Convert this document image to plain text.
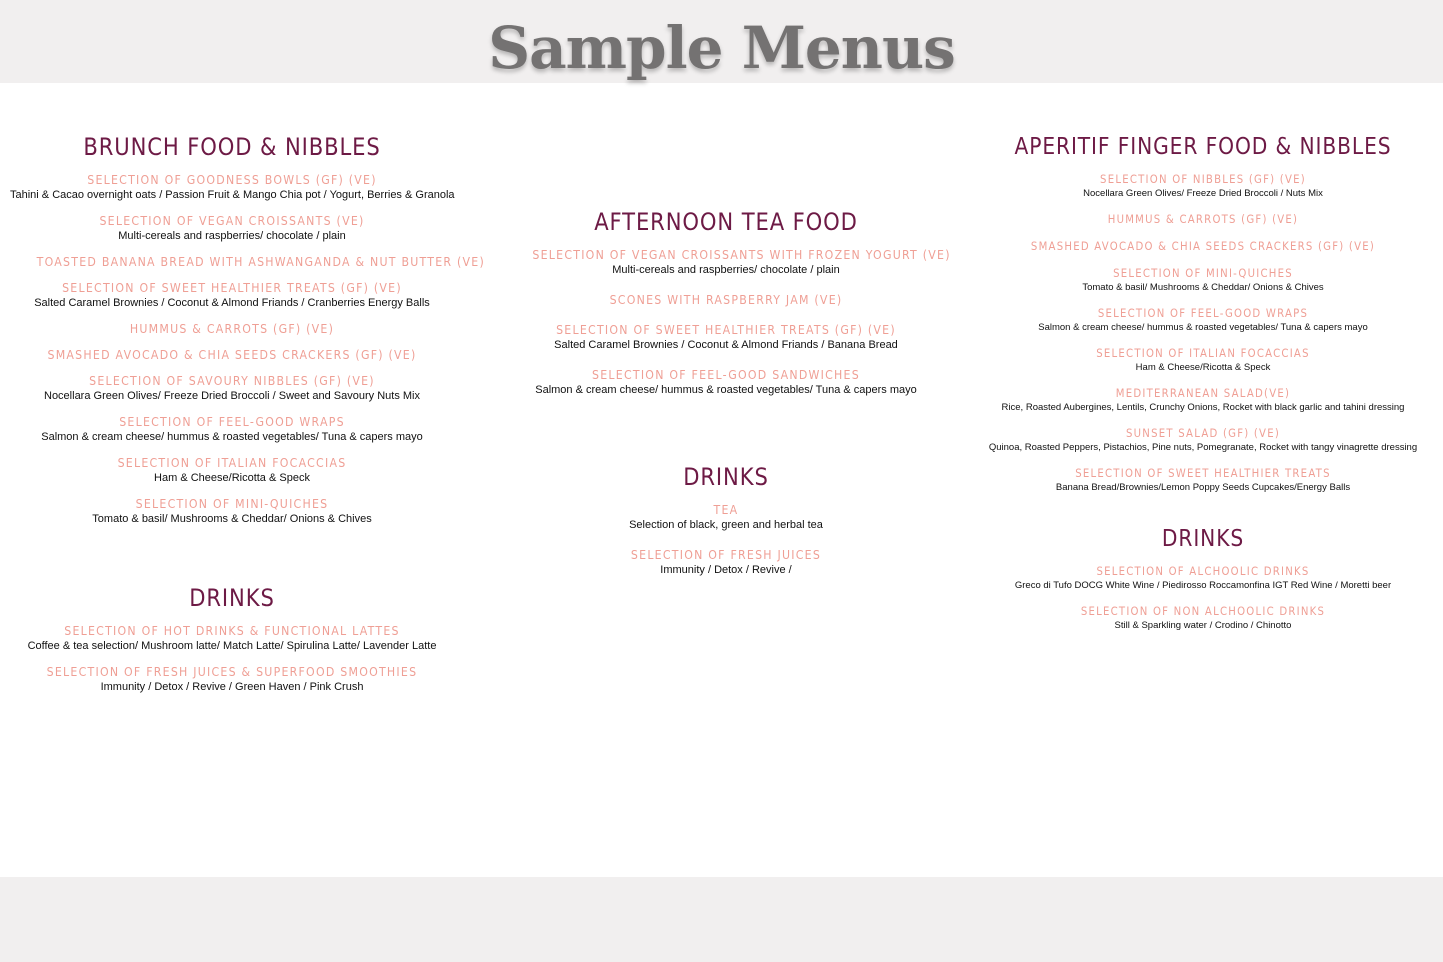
Sample Menus
BRUNCH FOOD & NIBBLES
SELECTION OF GOODNESS BOWLS (GF) (VE)
Tahini & Cacao overnight oats / Passion Fruit & Mango Chia pot / Yogurt, Berries & Granola
SELECTION OF VEGAN CROISSANTS (VE)
Multi-cereals and raspberries/ chocolate / plain
TOASTED BANANA BREAD WITH ASHWANGANDA & NUT BUTTER (VE)
SELECTION OF SWEET HEALTHIER TREATS (GF) (VE)
Salted Caramel Brownies / Coconut & Almond Friands / Cranberries Energy Balls
HUMMUS & CARROTS (GF) (VE)
SMASHED AVOCADO & CHIA SEEDS CRACKERS (GF) (VE)
SELECTION OF SAVOURY NIBBLES (GF) (VE)
Nocellara Green Olives/ Freeze Dried Broccoli / Sweet and Savoury Nuts Mix
SELECTION OF FEEL-GOOD WRAPS
Salmon & cream cheese/ hummus & roasted vegetables/ Tuna & capers mayo
SELECTION OF ITALIAN FOCACCIAS
Ham & Cheese/Ricotta & Speck
SELECTION OF MINI-QUICHES
Tomato & basil/ Mushrooms & Cheddar/ Onions & Chives
DRINKS
SELECTION OF HOT DRINKS & FUNCTIONAL LATTES
Coffee & tea selection/ Mushroom latte/ Match Latte/ Spirulina Latte/ Lavender Latte
SELECTION OF FRESH JUICES & SUPERFOOD SMOOTHIES
Immunity / Detox / Revive / Green Haven / Pink Crush
AFTERNOON TEA FOOD
SELECTION OF VEGAN CROISSANTS WITH FROZEN YOGURT (VE)
Multi-cereals and raspberries/ chocolate / plain
SCONES WITH RASPBERRY JAM (VE)
SELECTION OF SWEET HEALTHIER TREATS (GF) (VE)
Salted Caramel Brownies / Coconut & Almond Friands / Banana Bread
SELECTION OF FEEL-GOOD SANDWICHES
Salmon & cream cheese/ hummus & roasted vegetables/ Tuna & capers mayo
DRINKS
TEA
Selection of black, green and herbal tea
SELECTION OF FRESH JUICES
Immunity / Detox / Revive /
APERITIF FINGER FOOD & NIBBLES
SELECTION OF NIBBLES (GF) (VE)
Nocellara Green Olives/ Freeze Dried Broccoli / Nuts Mix
HUMMUS & CARROTS (GF) (VE)
SMASHED AVOCADO & CHIA SEEDS CRACKERS (GF) (VE)
SELECTION OF MINI-QUICHES
Tomato & basil/ Mushrooms & Cheddar/ Onions & Chives
SELECTION OF FEEL-GOOD WRAPS
Salmon & cream cheese/ hummus & roasted vegetables/ Tuna & capers mayo
SELECTION OF ITALIAN FOCACCIAS
Ham & Cheese/Ricotta & Speck
MEDITERRANEAN SALAD(VE)
Rice, Roasted Aubergines, Lentils, Crunchy Onions, Rocket with black garlic and tahini dressing
SUNSET SALAD (GF) (VE)
Quinoa, Roasted Peppers, Pistachios, Pine nuts, Pomegranate, Rocket with tangy vinagrette dressing
SELECTION OF SWEET HEALTHIER TREATS
Banana Bread/Brownies/Lemon Poppy Seeds Cupcakes/Energy Balls
DRINKS
SELECTION OF ALCHOOLIC DRINKS
Greco di Tufo DOCG White Wine / Piedirosso Roccamonfina IGT Red Wine / Moretti beer
SELECTION OF NON ALCHOOLIC DRINKS
Still & Sparkling water / Crodino / Chinotto
